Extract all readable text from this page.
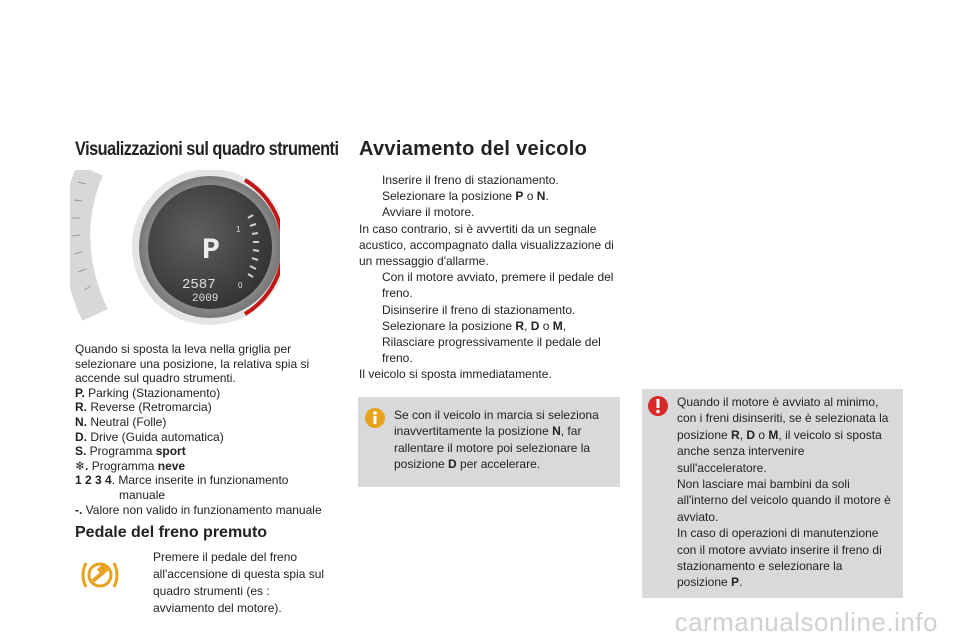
Visualizzazioni sul quadro strumenti
P
2587
2009
1
0
Quando si sposta la leva nella griglia per selezionare una posizione, la relativa spia si accende sul quadro strumenti.
P. Parking (Stazionamento)
R. Reverse (Retromarcia)
N. Neutral (Folle)
D. Drive (Guida automatica)
S. Programma sport
❄. Programma neve
1 2 3 4. Marce inserite in funzionamento
manuale
-. Valore non valido in funzionamento manuale
Pedale del freno premuto
Premere il pedale del freno all'accensione di questa spia sul quadro strumenti (es : avviamento del motore).
Avviamento del veicolo
Inserire il freno di stazionamento.
Selezionare la posizione P o N.
Avviare il motore.
In caso contrario, si è avvertiti da un segnale acustico, accompagnato dalla visualizzazione di un messaggio d'allarme.
Con il motore avviato, premere il pedale del freno.
Disinserire il freno di stazionamento.
Selezionare la posizione R, D o M,
Rilasciare progressivamente il pedale del freno.
Il veicolo si sposta immediatamente.
Se con il veicolo in marcia si seleziona inavvertitamente la posizione N, far rallentare il motore poi selezionare la posizione D per accelerare.
Quando il motore è avviato al minimo, con i freni disinseriti, se è selezionata la posizione R, D o M, il veicolo si sposta anche senza intervenire sull'acceleratore.
Non lasciare mai bambini da soli all'interno del veicolo quando il motore è avviato.
In caso di operazioni di manutenzione con il motore avviato inserire il freno di stazionamento e selezionare la posizione P.
carmanualsonline.info
